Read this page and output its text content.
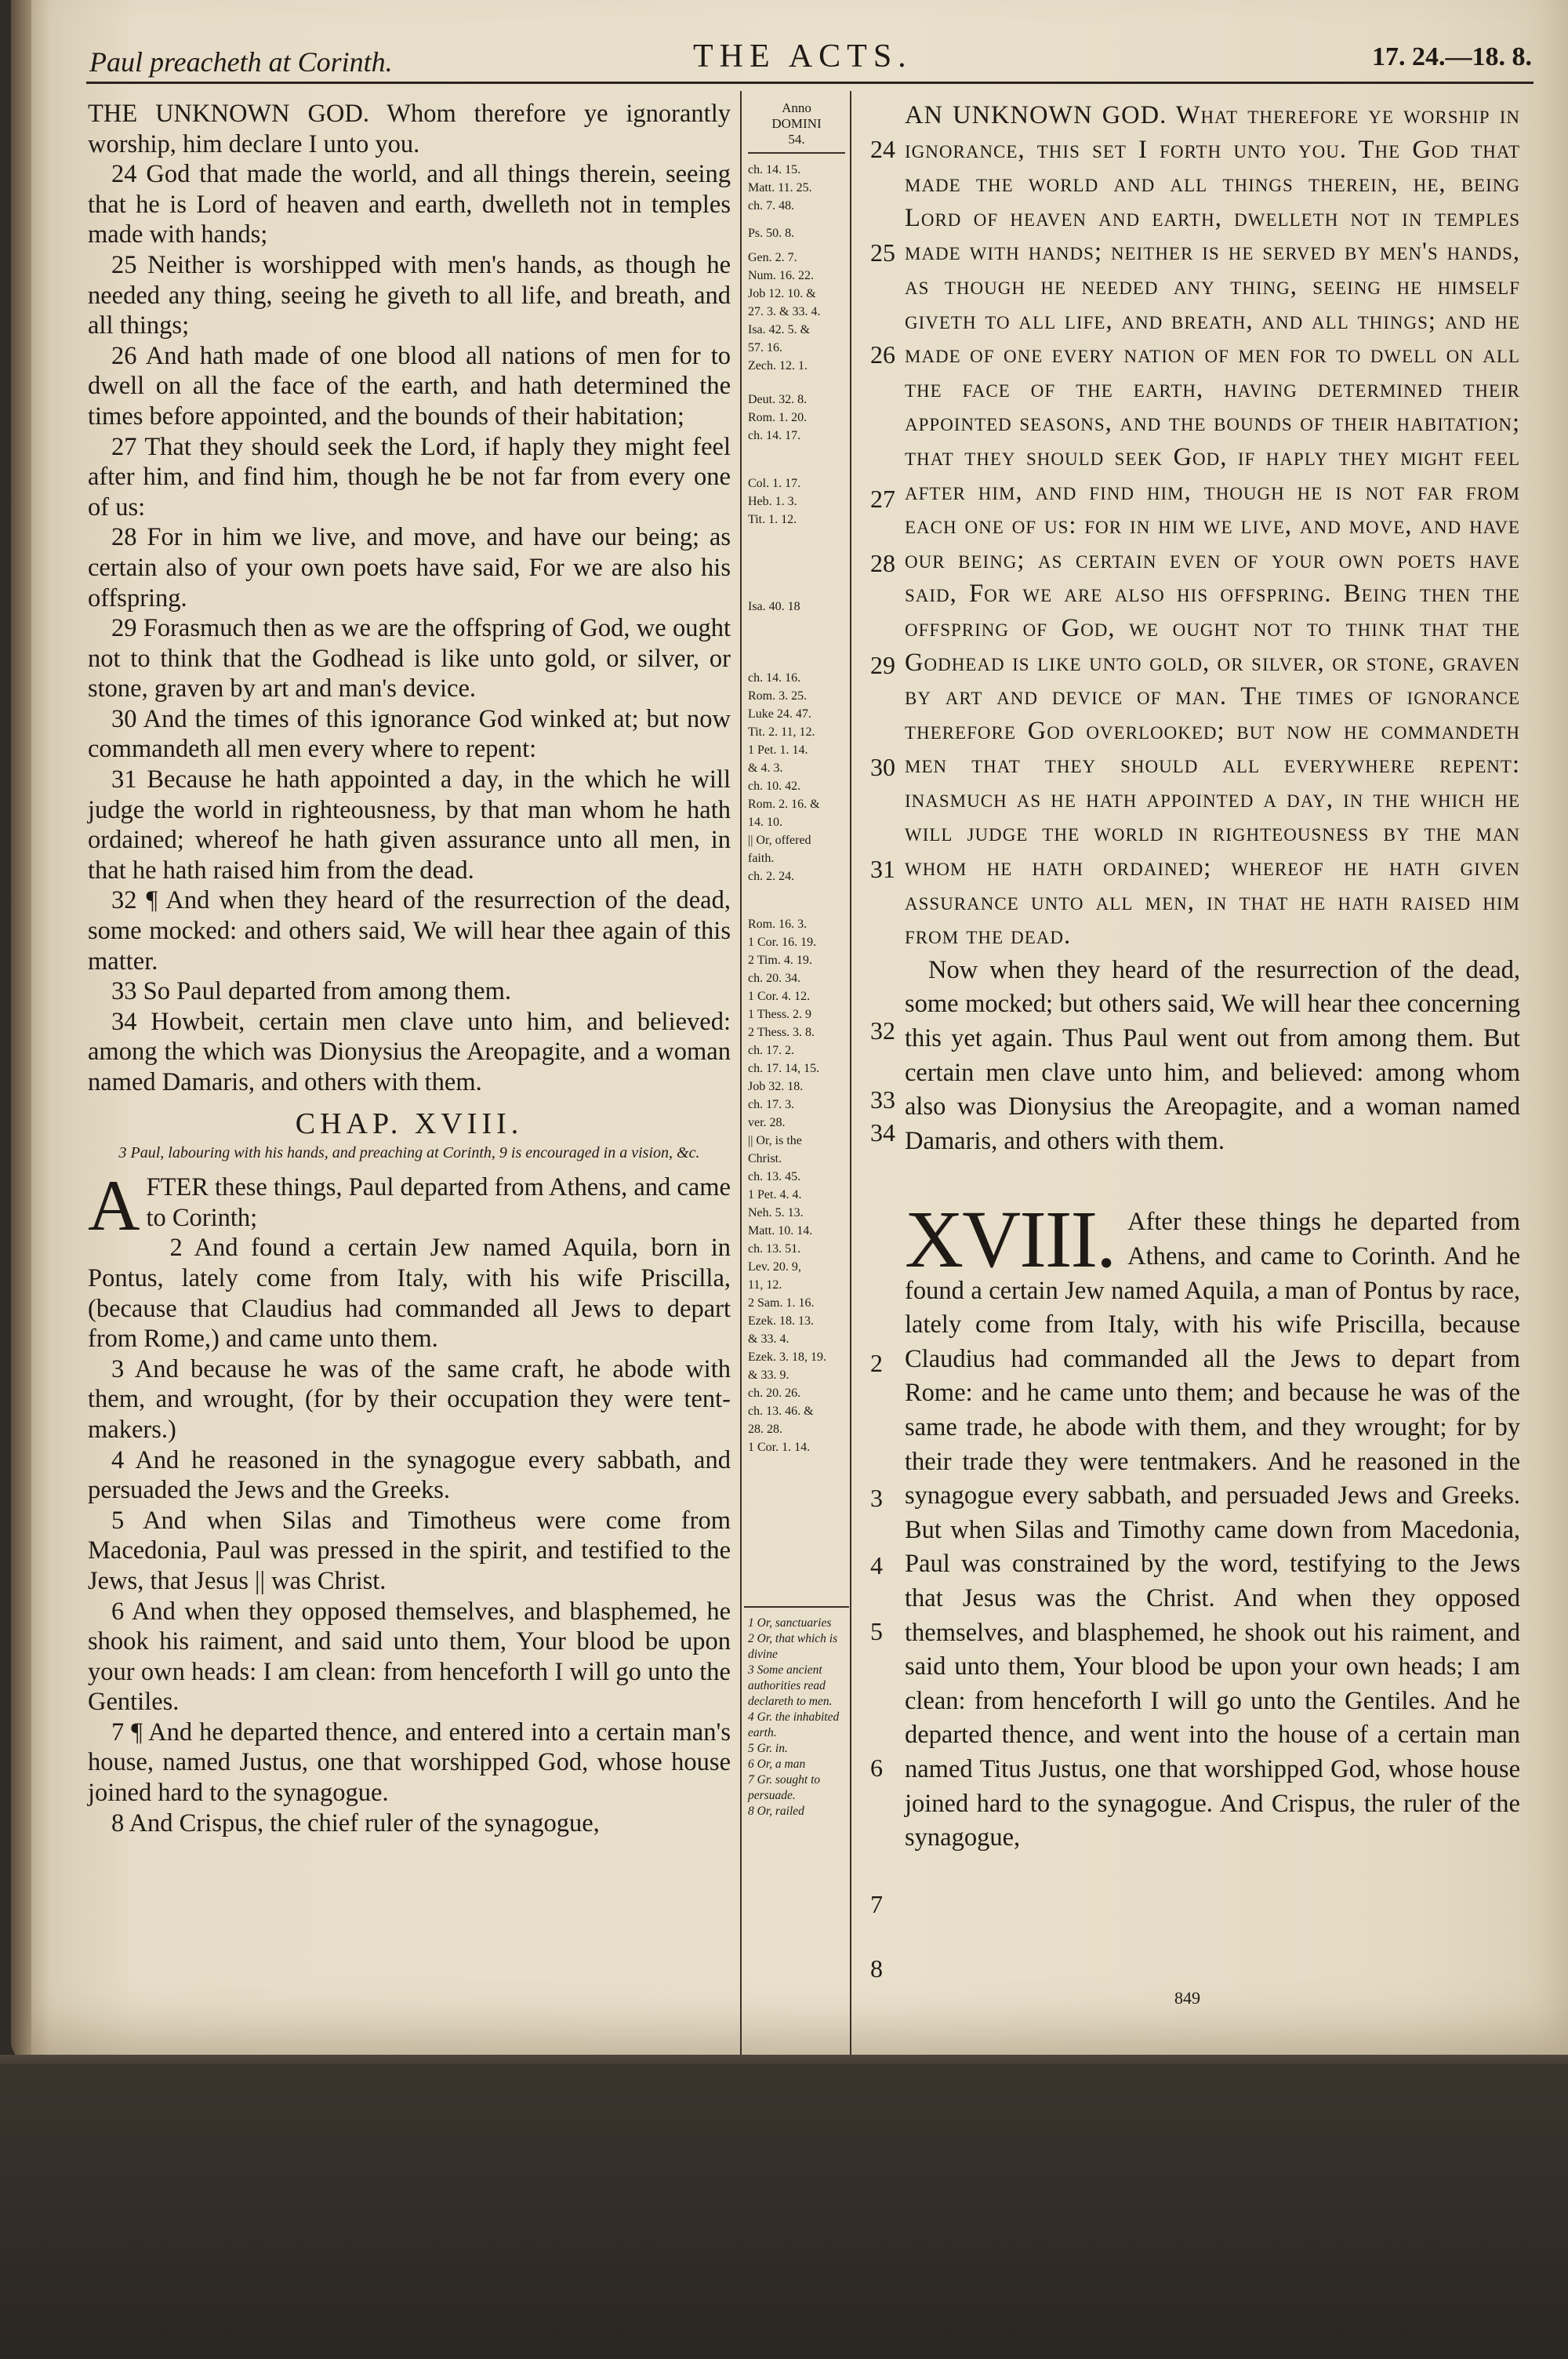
Paul preacheth at Corinth.	THE ACTS.	17. 24.—18. 8.

THE UNKNOWN GOD. Whom therefore ye ignorantly worship, him declare I unto you.

24 God that made the world, and all things therein, seeing that he is Lord of heaven and earth, dwelleth not in temples made with hands;

25 Neither is worshipped with men's hands, as though he needed any thing, seeing he giveth to all life, and breath, and all things;

26 And hath made of one blood all nations of men for to dwell on all the face of the earth, and hath determined the times before appointed, and the bounds of their habitation;

27 That they should seek the Lord, if haply they might feel after him, and find him, though he be not far from every one of us:

28 For in him we live, and move, and have our being; as certain also of your own poets have said, For we are also his offspring.

29 Forasmuch then as we are the offspring of God, we ought not to think that the Godhead is like unto gold, or silver, or stone, graven by art and man's device.

30 And the times of this ignorance God winked at; but now commandeth all men every where to repent:

31 Because he hath appointed a day, in the which he will judge the world in righteousness, by that man whom he hath ordained; whereof he hath given assurance unto all men, in that he hath raised him from the dead.

32 ¶ And when they heard of the resurrection of the dead, some mocked: and others said, We will hear thee again of this matter.

33 So Paul departed from among them.

34 Howbeit, certain men clave unto him, and believed: among the which was Dionysius the Areopagite, and a woman named Damaris, and others with them.

CHAP. XVIII.
3 Paul, labouring with his hands, and preaching at Corinth, 9 is encouraged in a vision, &c.

AFTER these things, Paul departed from Athens, and came to Corinth;

2 And found a certain Jew named Aquila, born in Pontus, lately come from Italy, with his wife Priscilla, (because that Claudius had commanded all Jews to depart from Rome,) and came unto them.

3 And because he was of the same craft, he abode with them, and wrought, (for by their occupation they were tent-makers.)

4 And he reasoned in the synagogue every sabbath, and persuaded the Jews and the Greeks.

5 And when Silas and Timotheus were come from Macedonia, Paul was pressed in the spirit, and testified to the Jews, that Jesus || was Christ.

6 And when they opposed themselves, and blasphemed, he shook his raiment, and said unto them, Your blood be upon your own heads: I am clean: from henceforth I will go unto the Gentiles.

7 ¶ And he departed thence, and entered into a certain man's house, named Justus, one that worshipped God, whose house joined hard to the synagogue.

8 And Crispus, the chief ruler of the synagogue,

Anno
DOMINI
54.
ch. 14. 15.
Matt. 11. 25.
ch. 7. 48.
Ps. 50. 8.
Gen. 2. 7.
Num. 16. 22.
Job 12. 10. &
27. 3. & 33. 4.
Isa. 42. 5. &
57. 16.
Zech. 12. 1.
Deut. 32. 8.
Rom. 1. 20.
ch. 14. 17.
Col. 1. 17.
Heb. 1. 3.
Tit. 1. 12.
Isa. 40. 18
ch. 14. 16.
Rom. 3. 25.
Luke 24. 47.
Tit. 2. 11, 12.
1 Pet. 1. 14.
& 4. 3.
ch. 10. 42.
Rom. 2. 16. &
14. 10.
|| Or, offered
faith.
ch. 2. 24.
Rom. 16. 3.
1 Cor. 16. 19.
2 Tim. 4. 19.
ch. 20. 34.
1 Cor. 4. 12.
1 Thess. 2. 9
2 Thess. 3. 8.
ch. 17. 2.
ch. 17. 14, 15.
Job 32. 18.
ch. 17. 3.
ver. 28.
|| Or, is the
Christ.
ch. 13. 45.
1 Pet. 4. 4.
Neh. 5. 13.
Matt. 10. 14.
ch. 13. 51.
Lev. 20. 9,
11, 12.
2 Sam. 1. 16.
Ezek. 18. 13.
& 33. 4.
Ezek. 3. 18, 19.
& 33. 9.
ch. 20. 26.
ch. 13. 46. &
28. 28.
1 Cor. 1. 14.
1 Or, sanctuaries
2 Or, that which is divine
3 Some ancient authorities read declareth to men.
4 Gr. the inhabited earth.
5 Gr. in.
6 Or, a man
7 Gr. sought to persuade.
8 Or, railed

AN UNKNOWN GOD. What therefore ye worship in ignorance, this set I forth unto you. The God that made the world and all things therein, he, being Lord of heaven and earth, dwelleth not in temples made with hands; neither is he served by men's hands, as though he needed any thing, seeing he himself giveth to all life, and breath, and all things; and he made of one every nation of men for to dwell on all the face of the earth, having determined their appointed seasons, and the bounds of their habitation; that they should seek God, if haply they might feel after him, and find him, though he is not far from each one of us: for in him we live, and move, and have our being; as certain even of your own poets have said, For we are also his offspring. Being then the offspring of God, we ought not to think that the Godhead is like unto gold, or silver, or stone, graven by art and device of man. The times of ignorance therefore God overlooked; but now he commandeth men that they should all everywhere repent: inasmuch as he hath appointed a day, in the which he will judge the world in righteousness by the man whom he hath ordained; whereof he hath given assurance unto all men, in that he hath raised him from the dead.

Now when they heard of the resurrection of the dead, some mocked; but others said, We will hear thee concerning this yet again. Thus Paul went out from among them. But certain men clave unto him, and believed: among whom also was Dionysius the Areopagite, and a woman named Damaris, and others with them.

XVIII. After these things he departed from Athens, and came to Corinth. And he found a certain Jew named Aquila, a man of Pontus by race, lately come from Italy, with his wife Priscilla, because Claudius had commanded all the Jews to depart from Rome: and he came unto them; and because he was of the same trade, he abode with them, and they wrought; for by their trade they were tentmakers. And he reasoned in the synagogue every sabbath, and persuaded Jews and Greeks. But when Silas and Timothy came down from Macedonia, Paul was constrained by the word, testifying to the Jews that Jesus was the Christ. And when they opposed themselves, and blasphemed, he shook out his raiment, and said unto them, Your blood be upon your own heads; I am clean: from henceforth I will go unto the Gentiles. And he departed thence, and went into the house of a certain man named Titus Justus, one that worshipped God, whose house joined hard to the synagogue. And Crispus, the ruler of the synagogue,

24
25
26
27
28
29
30
31
32
33
34
2
3
4
5
6
7
8
849
